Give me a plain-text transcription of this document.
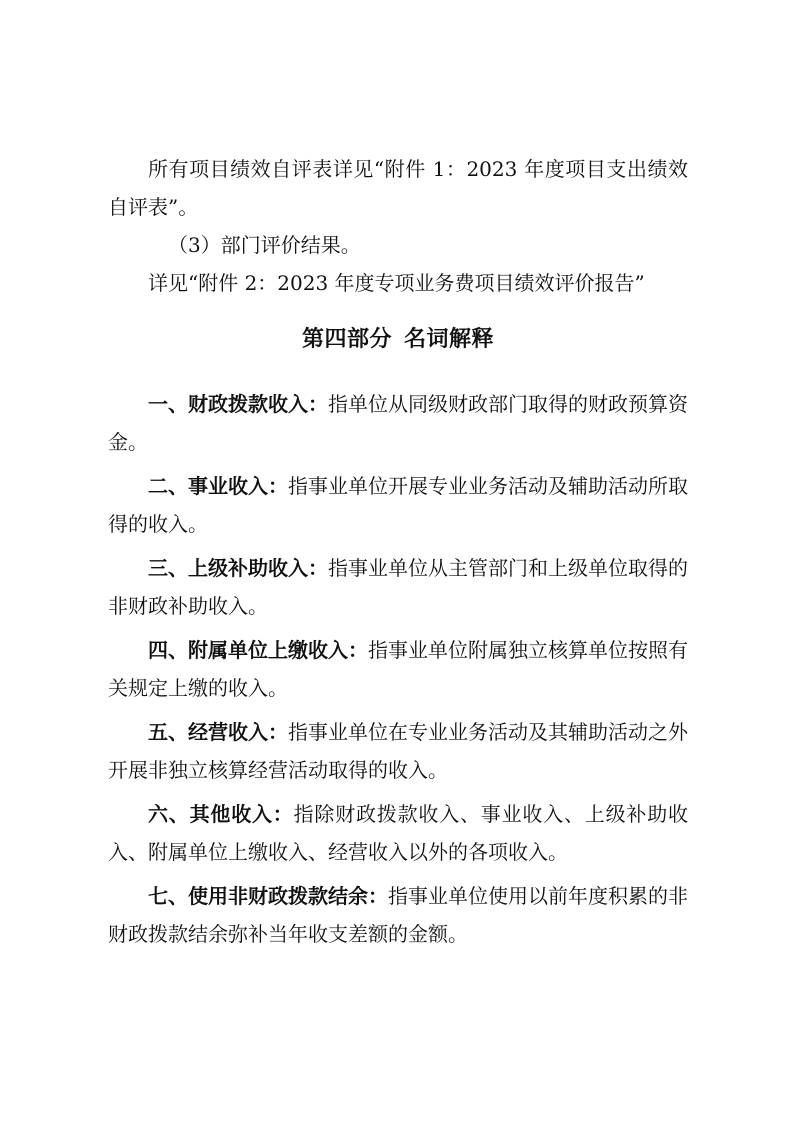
所有项目绩效自评表详见“附件 1：2023 年度项目支出绩效自评表”。

（3）部门评价结果。

详见“附件 2：2023 年度专项业务费项目绩效评价报告”

第四部分 名词解释

一、财政拨款收入：指单位从同级财政部门取得的财政预算资金。

二、事业收入：指事业单位开展专业业务活动及辅助活动所取得的收入。

三、上级补助收入：指事业单位从主管部门和上级单位取得的非财政补助收入。

四、附属单位上缴收入：指事业单位附属独立核算单位按照有关规定上缴的收入。

五、经营收入：指事业单位在专业业务活动及其辅助活动之外开展非独立核算经营活动取得的收入。

六、其他收入：指除财政拨款收入、事业收入、上级补助收入、附属单位上缴收入、经营收入以外的各项收入。

七、使用非财政拨款结余：指事业单位使用以前年度积累的非财政拨款结余弥补当年收支差额的金额。
